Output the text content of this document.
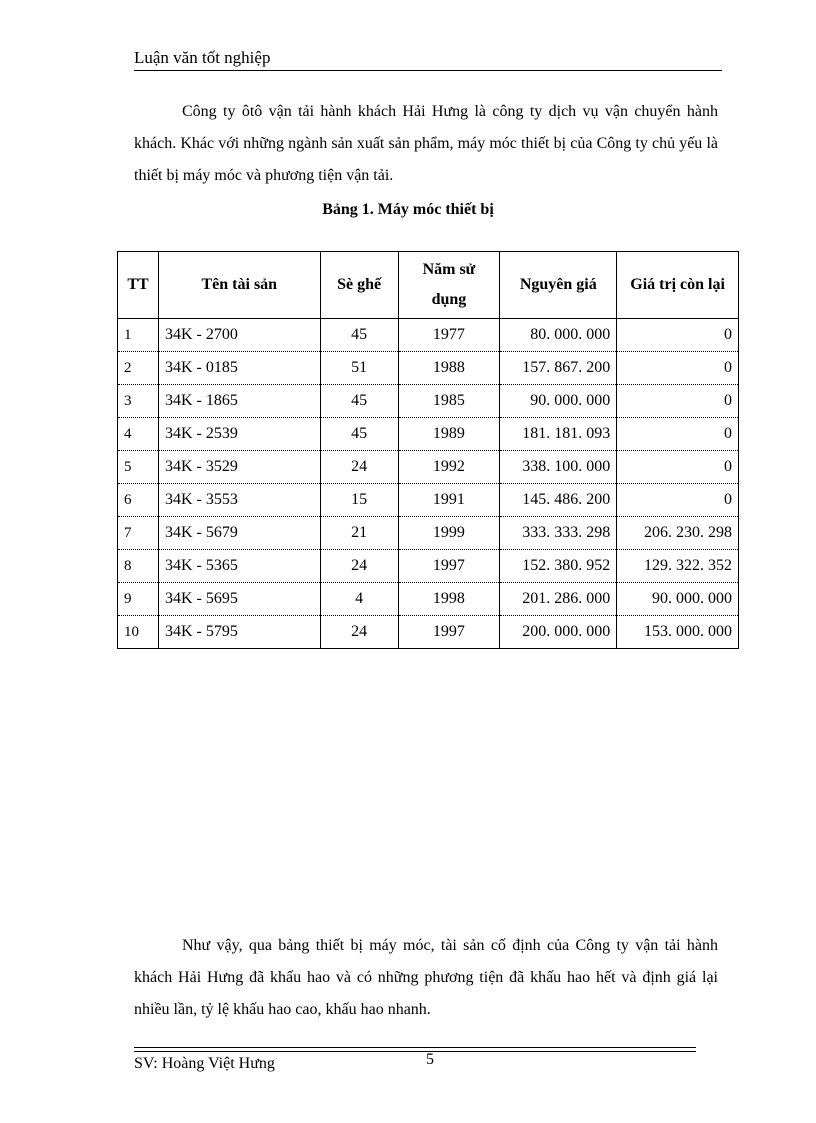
Luận văn tốt nghiệp

Công ty ôtô vận tải hành khách Hải Hưng là công ty dịch vụ vận chuyển hành khách. Khác với những ngành sản xuất sản phẩm, máy móc thiết bị của Công ty chủ yếu là thiết bị máy móc và phương tiện vận tải.

Bảng 1. Máy móc thiết bị
TT	Tên tài sản	Sè ghế	Năm sử dụng	Nguyên giá	Giá trị còn lại
1	34K - 2700	45	1977	80. 000. 000	0
2	34K - 0185	51	1988	157. 867. 200	0
3	34K - 1865	45	1985	90. 000. 000	0
4	34K - 2539	45	1989	181. 181. 093	0
5	34K - 3529	24	1992	338. 100. 000	0
6	34K - 3553	15	1991	145. 486. 200	0
7	34K - 5679	21	1999	333. 333. 298	206. 230. 298
8	34K - 5365	24	1997	152. 380. 952	129. 322. 352
9	34K - 5695	4	1998	201. 286. 000	90. 000. 000
10	34K - 5795	24	1997	200. 000. 000	153. 000. 000

Như vậy, qua bảng thiết bị máy móc, tài sản cố định của Công ty vận tải hành khách Hải Hưng đã khấu hao và có những phương tiện đã khấu hao hết và định giá lại nhiều lần, tỷ lệ khấu hao cao, khấu hao nhanh.

SV: Hoàng Việt Hưng	5
